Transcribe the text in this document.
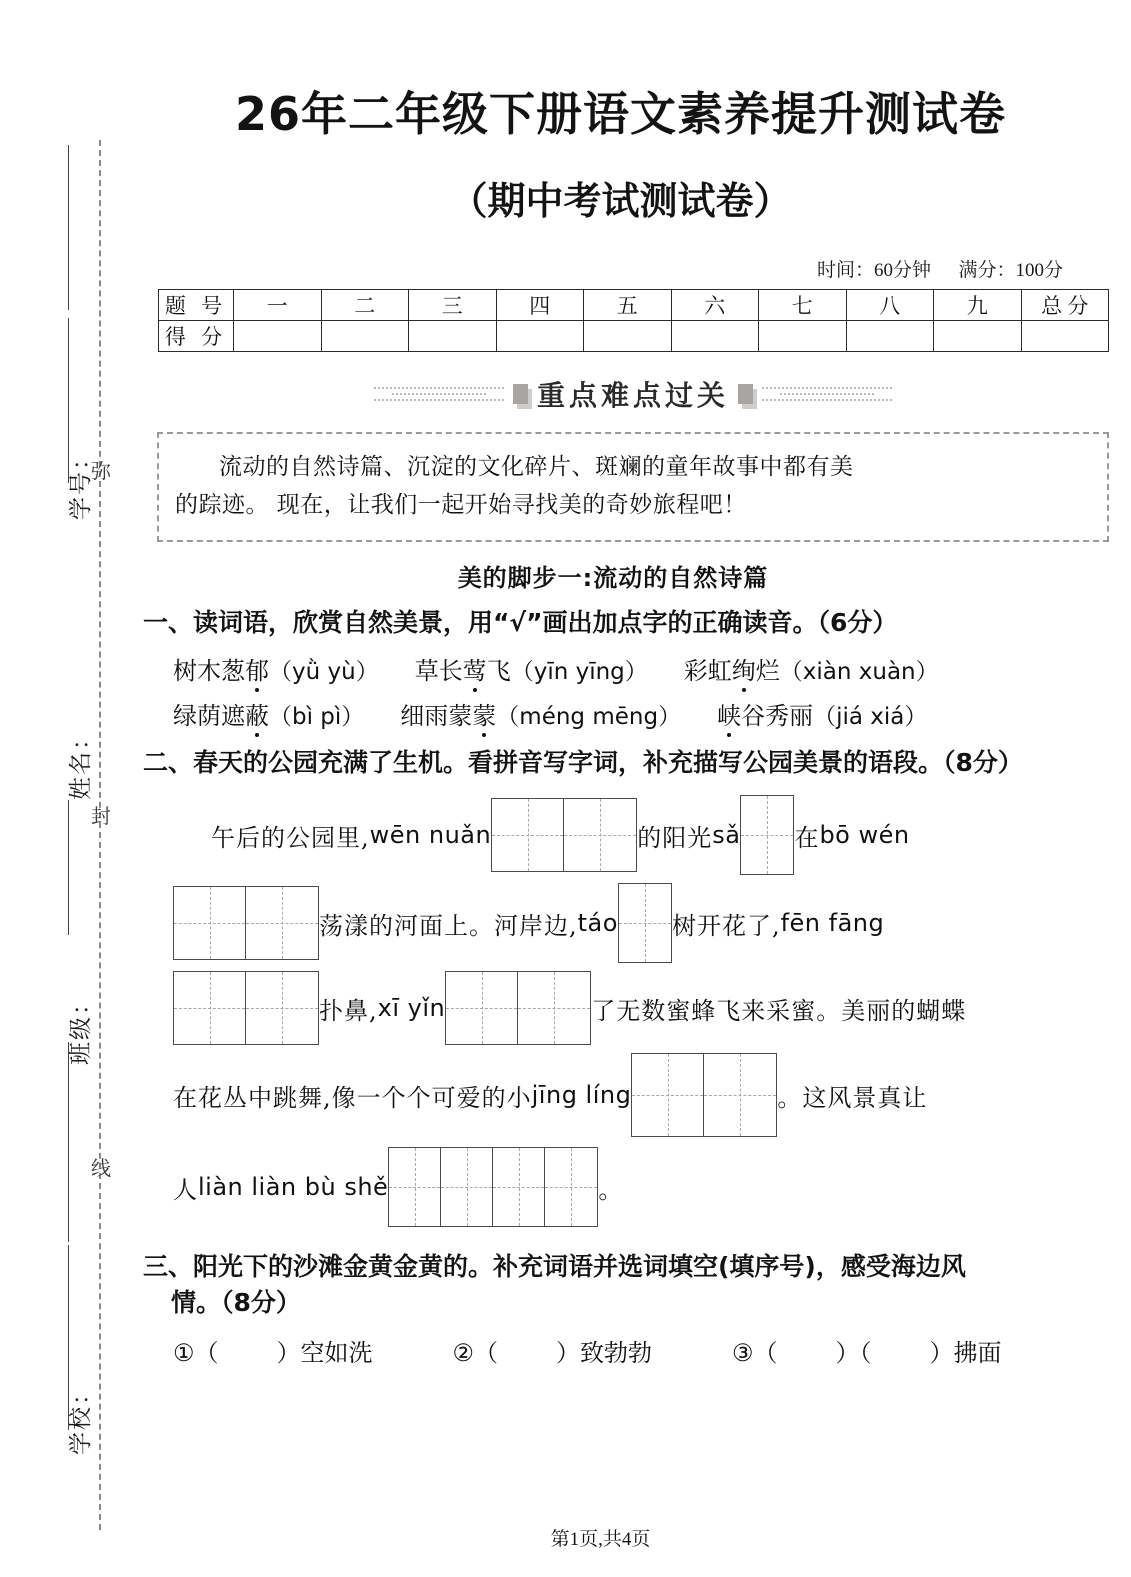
弥
封
线
学号：
姓名：
班级：
学校：
26年二年级下册语文素养提升测试卷
（期中考试测试卷）
时间：60分钟 满分：100分
题 号	一	二	三	四	五	六	七	八	九	总 分
得 分										
重点难点过关
流动的自然诗篇、沉淀的文化碎片、斑斓的童年故事中都有美
的踪迹。 现在，让我们一起开始寻找美的奇妙旅程吧！
美的脚步一:流动的自然诗篇
一、读词语，欣赏自然美景，用“√”画出加点字的正确读音。（6分）
树木葱郁（yǜ yù） 草长莺飞（yīn yīng） 彩虹绚烂（xiàn xuàn）
绿荫遮蔽（bì pì） 细雨蒙蒙（méng mēng） 峡谷秀丽（jiá xiá）
二、春天的公园充满了生机。看拼音写字词，补充描写公园美景的语段。（8分）
午后的公园里, wēn nuǎn	的阳光 sǎ 在 bō wén
荡漾的河面上。河岸边, táo 树开花了, fēn fāng
扑鼻, xī yǐn	了无数蜜蜂飞来采蜜。美丽的蝴蝶
在花丛中跳舞,像一个个可爱的小 jīng líng	。这风景真让
人 liàn liàn bù shě	。
三、阳光下的沙滩金黄金黄的。补充词语并选词填空(填序号)，感受海边风
情。（8分）
①（ ）空如洗	②（ ）致勃勃	③（ ）（ ）拂面
第1页,共4页
